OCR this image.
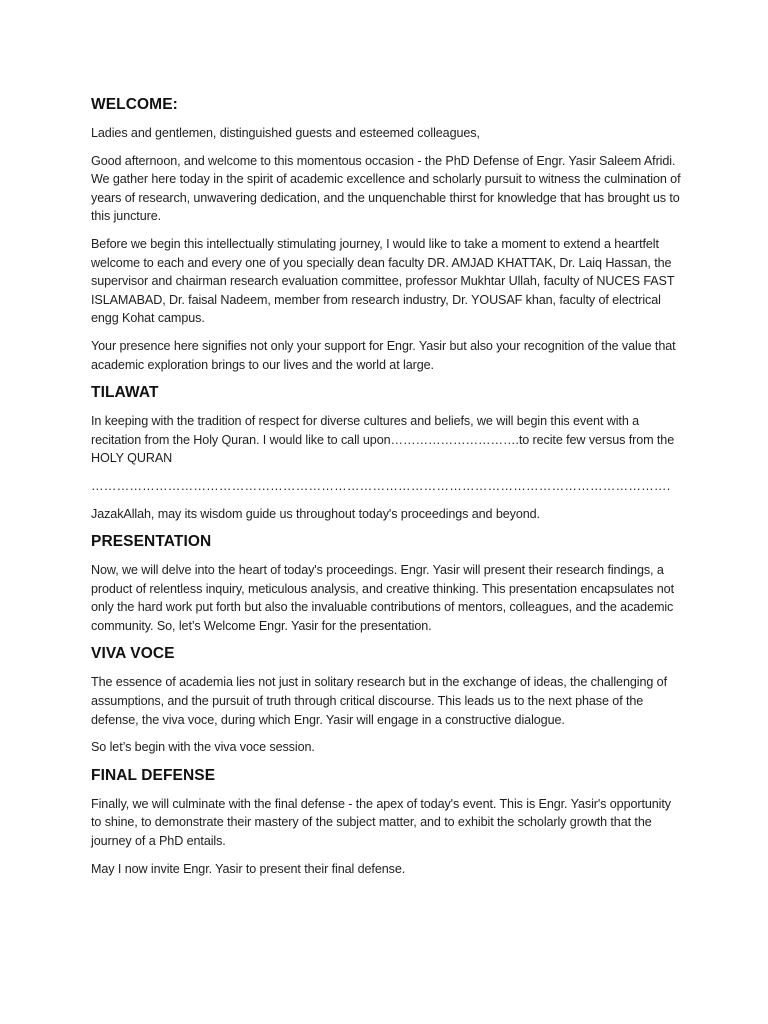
WELCOME:

Ladies and gentlemen, distinguished guests and esteemed colleagues,

Good afternoon, and welcome to this momentous occasion - the PhD Defense of Engr. Yasir Saleem Afridi. We gather here today in the spirit of academic excellence and scholarly pursuit to witness the culmination of years of research, unwavering dedication, and the unquenchable thirst for knowledge that has brought us to this juncture.

Before we begin this intellectually stimulating journey, I would like to take a moment to extend a heartfelt welcome to each and every one of you specially dean faculty DR. AMJAD KHATTAK, Dr. Laiq Hassan, the supervisor and chairman research evaluation committee, professor Mukhtar Ullah, faculty of NUCES FAST ISLAMABAD, Dr. faisal Nadeem, member from research industry, Dr. YOUSAF khan, faculty of electrical engg Kohat campus.

Your presence here signifies not only your support for Engr. Yasir but also your recognition of the value that academic exploration brings to our lives and the world at large.

TILAWAT

In keeping with the tradition of respect for diverse cultures and beliefs, we will begin this event with a recitation from the Holy Quran. I would like to call upon………………………….to recite few versus from the HOLY QURAN

……………………………………………………………………………………………………………………….

JazakAllah, may its wisdom guide us throughout today's proceedings and beyond.

PRESENTATION

Now, we will delve into the heart of today's proceedings. Engr. Yasir will present their research findings, a product of relentless inquiry, meticulous analysis, and creative thinking. This presentation encapsulates not only the hard work put forth but also the invaluable contributions of mentors, colleagues, and the academic community. So, let’s Welcome Engr. Yasir for the presentation.

VIVA VOCE

The essence of academia lies not just in solitary research but in the exchange of ideas, the challenging of assumptions, and the pursuit of truth through critical discourse. This leads us to the next phase of the defense, the viva voce, during which Engr. Yasir will engage in a constructive dialogue.

So let’s begin with the viva voce session.

FINAL DEFENSE

Finally, we will culminate with the final defense - the apex of today's event. This is Engr. Yasir's opportunity to shine, to demonstrate their mastery of the subject matter, and to exhibit the scholarly growth that the journey of a PhD entails.

May I now invite Engr. Yasir to present their final defense.
